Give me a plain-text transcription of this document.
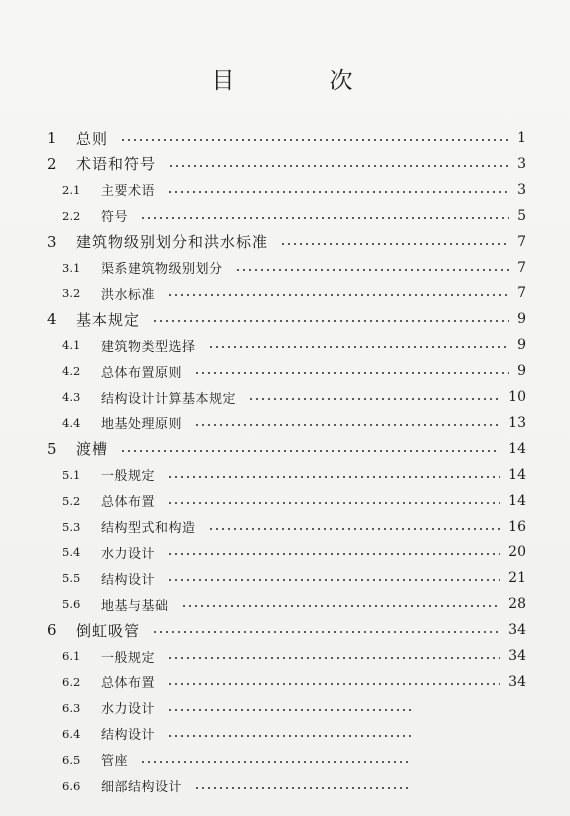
目　次
1 总则	1
2 术语和符号	3
2.1 主要术语	3
2.2 符号	5
3 建筑物级别划分和洪水标准	7
3.1 渠系建筑物级别划分	7
3.2 洪水标准	7
4 基本规定	9
4.1 建筑物类型选择	9
4.2 总体布置原则	9
4.3 结构设计计算基本规定	10
4.4 地基处理原则	13
5 渡槽	14
5.1 一般规定	14
5.2 总体布置	14
5.3 结构型式和构造	16
5.4 水力设计	20
5.5 结构设计	21
5.6 地基与基础	28
6 倒虹吸管	34
6.1 一般规定	34
6.2 总体布置	34
6.3 水力设计
6.4 结构设计
6.5 管座
6.6 细部结构设计
